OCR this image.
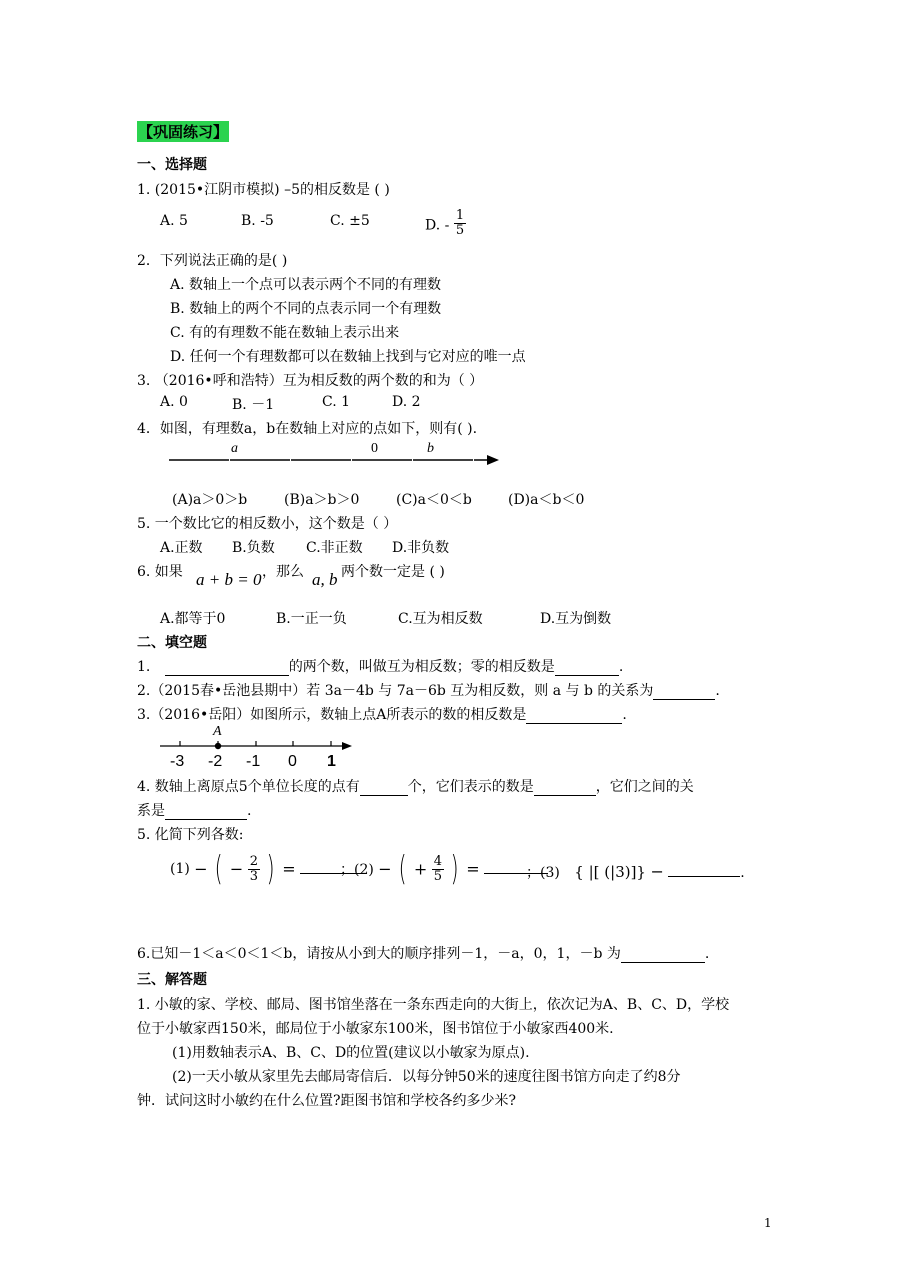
【巩固练习】
一、选择题
1. (2015•江阴市模拟) –5的相反数是 ( )
A. 5	B. -5	C. ±5	D. - $\frac{1}{5}$
2．下列说法正确的是( )
A. 数轴上一个点可以表示两个不同的有理数
B. 数轴上的两个不同的点表示同一个有理数
C. 有的有理数不能在数轴上表示出来
D. 任何一个有理数都可以在数轴上找到与它对应的唯一点
3. （2016•呼和浩特）互为相反数的两个数的和为（ ）
A. 0	B. －1	C. 1	D. 2
4．如图，有理数a，b在数轴上对应的点如下，则有( ).
a	0	b
(A)a＞0＞b	(B)a＞b＞0	(C)a＜0＜b	(D)a＜b＜0
5. 一个数比它的相反数小，这个数是（ ）
A.正数 B.负数 C.非正数 D.非负数
6. 如果 a + b = 0 ，那么 a, b 两个数一定是 ( )
A.都等于0	B.一正一负	C.互为相反数	D.互为倒数
二、填空题
1.	的两个数，叫做互为相反数；零的相反数是	.
2.（2015春•岳池县期中）若 3a－4b 与 7a－6b 互为相反数，则 a 与 b 的关系为	.
3.（2016•岳阳）如图所示，数轴上点A所表示的数的相反数是	.
A
-3 -2 -1 0 1
4. 数轴上离原点5个单位长度的点有	个，它们表示的数是	，它们之间的关
系是	.
5. 化简下列各数:
(1) − ( − $\frac{2}{3}$ ) =	；(2) − ( + $\frac{4}{5}$ ) =	；(3) { |[ (|3)]} −	.
6.已知－1＜a＜0＜1＜b，请按从小到大的顺序排列－1，－a，0，1，－b 为	.
三、解答题
1. 小敏的家、学校、邮局、图书馆坐落在一条东西走向的大街上，依次记为A、B、C、D，学校
位于小敏家西150米，邮局位于小敏家东100米，图书馆位于小敏家西400米.
(1)用数轴表示A、B、C、D的位置(建议以小敏家为原点).
(2)一天小敏从家里先去邮局寄信后．以每分钟50米的速度往图书馆方向走了约8分
钟．试问这时小敏约在什么位置?距图书馆和学校各约多少米?
1
